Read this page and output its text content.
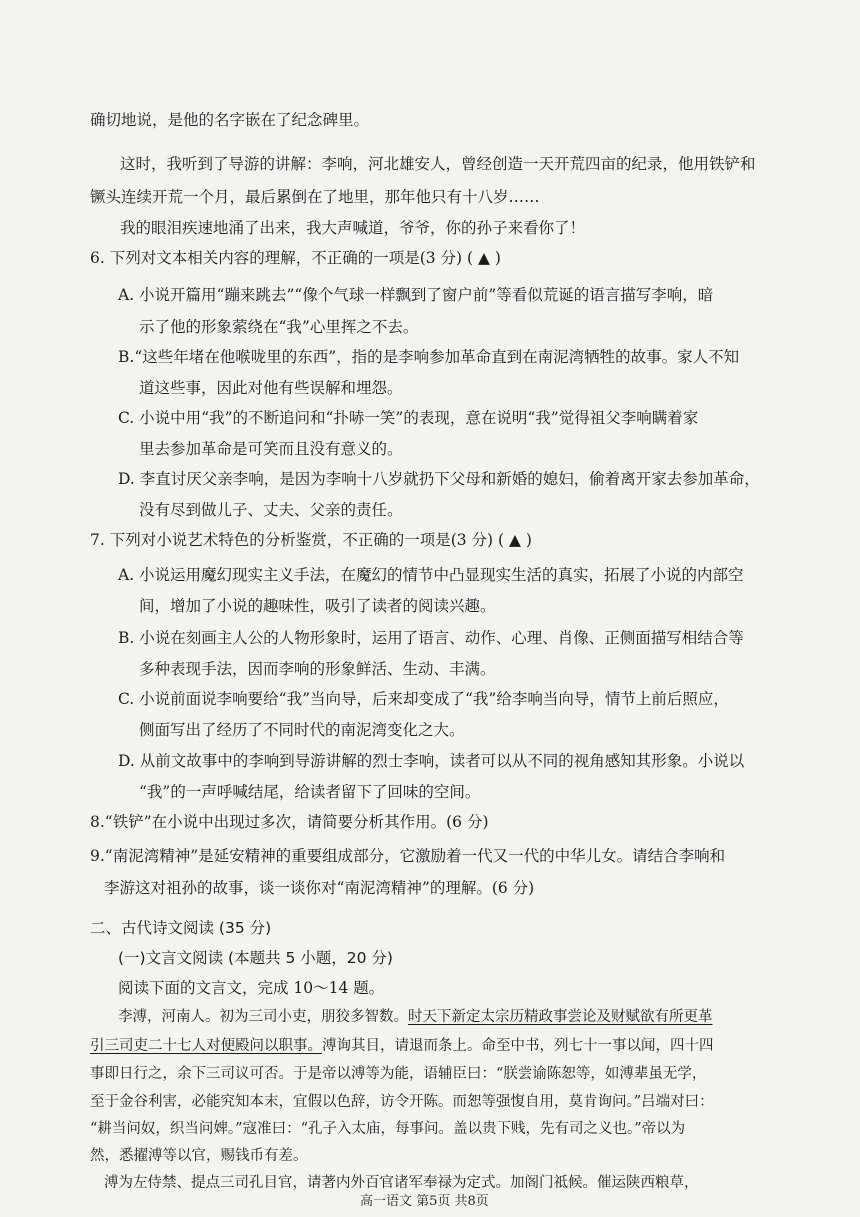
确切地说，是他的名字嵌在了纪念碑里。
这时，我听到了导游的讲解：李响，河北雄安人，曾经创造一天开荒四亩的纪录，他用铁铲和
镢头连续开荒一个月，最后累倒在了地里，那年他只有十八岁……
我的眼泪疾速地涌了出来，我大声喊道，爷爷，你的孙子来看你了！
6. 下列对文本相关内容的理解，不正确的一项是(3 分) ( ▲ )
A. 小说开篇用“蹦来跳去”“像个气球一样飘到了窗户前”等看似荒诞的语言描写李响，暗
示了他的形象萦绕在“我”心里挥之不去。
B.“这些年堵在他喉咙里的东西”，指的是李响参加革命直到在南泥湾牺牲的故事。家人不知
道这些事，因此对他有些误解和埋怨。
C. 小说中用“我”的不断追问和“扑哧一笑”的表现，意在说明“我”觉得祖父李响瞒着家
里去参加革命是可笑而且没有意义的。
D. 李直讨厌父亲李响，是因为李响十八岁就扔下父母和新婚的媳妇，偷着离开家去参加革命，
没有尽到做儿子、丈夫、父亲的责任。
7. 下列对小说艺术特色的分析鉴赏，不正确的一项是(3 分) ( ▲ )
A. 小说运用魔幻现实主义手法，在魔幻的情节中凸显现实生活的真实，拓展了小说的内部空
间，增加了小说的趣味性，吸引了读者的阅读兴趣。
B. 小说在刻画主人公的人物形象时，运用了语言、动作、心理、肖像、正侧面描写相结合等
多种表现手法，因而李响的形象鲜活、生动、丰满。
C. 小说前面说李响要给“我”当向导，后来却变成了“我”给李响当向导，情节上前后照应，
侧面写出了经历了不同时代的南泥湾变化之大。
D. 从前文故事中的李响到导游讲解的烈士李响，读者可以从不同的视角感知其形象。小说以
“我”的一声呼喊结尾，给读者留下了回味的空间。
8.“铁铲”在小说中出现过多次，请简要分析其作用。(6 分)
9.“南泥湾精神”是延安精神的重要组成部分，它激励着一代又一代的中华儿女。请结合李响和
李游这对祖孙的故事，谈一谈你对“南泥湾精神”的理解。(6 分)
二、古代诗文阅读 (35 分)
(一)文言文阅读 (本题共 5 小题，20 分)
阅读下面的文言文，完成 10～14 题。
李溥，河南人。初为三司小吏，朋狡多智数。时天下新定太宗历精政事尝论及财赋欲有所更革
引三司吏二十七人对便殿问以职事。溥询其目，请退而条上。命至中书，列七十一事以闻，四十四
事即日行之，余下三司议可否。于是帝以溥等为能，语辅臣曰：“朕尝谕陈恕等，如溥辈虽无学，
至于金谷利害，必能究知本末，宜假以色辞，访令开陈。而恕等强愎自用，莫肯询问。”吕端对曰：
“耕当问奴，织当问婢。”寇准曰：“孔子入太庙，每事问。盖以贵下贱，先有司之义也。”帝以为
然，悉擢溥等以官，赐钱币有差。
溥为左侍禁、提点三司孔目官，请著内外百官诸军奉禄为定式。加阁门祗候。催运陕西粮草，
高一语文 第5页 共8页
